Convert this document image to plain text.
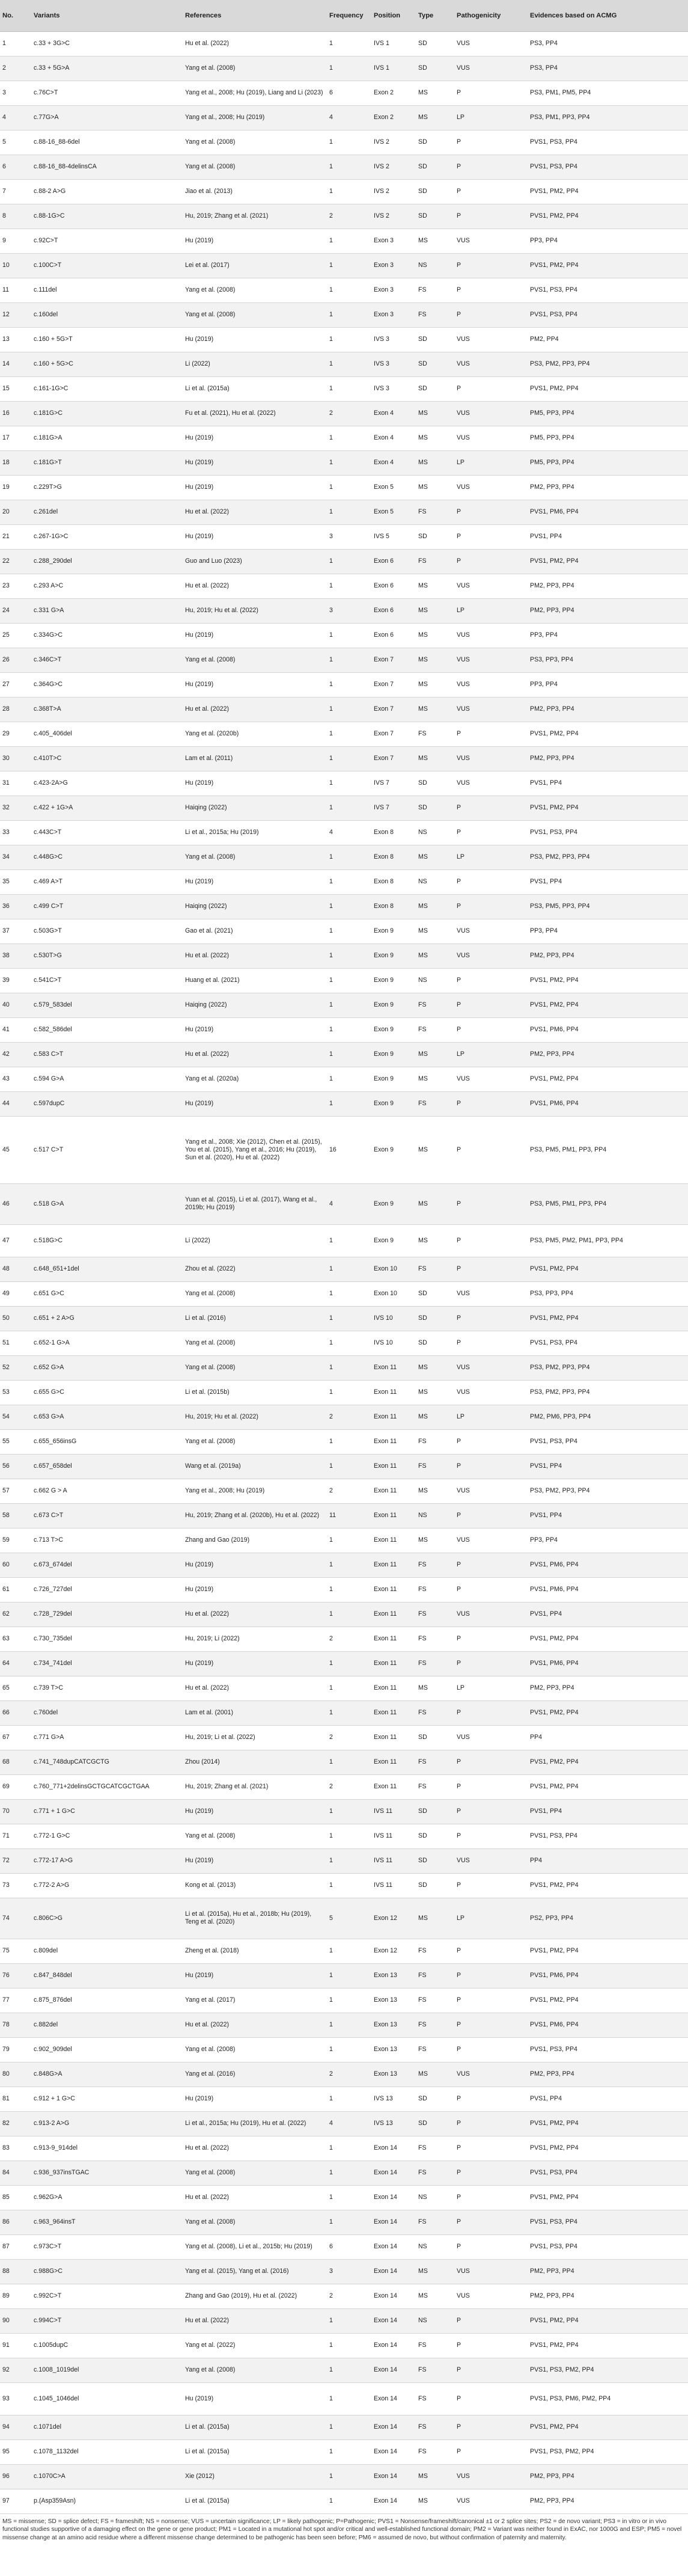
No.	Variants	References	Frequency	Position	Type	Pathogenicity	Evidences based on ACMG
1	c.33 + 3G>C	Hu et al. (2022)	1	IVS 1	SD	VUS	PS3, PP4
2	c.33 + 5G>A	Yang et al. (2008)	1	IVS 1	SD	VUS	PS3, PP4
3	c.76C>T	Yang et al., 2008; Hu (2019), Liang and Li (2023)	6	Exon 2	MS	P	PS3, PM1, PM5, PP4
4	c.77G>A	Yang et al., 2008; Hu (2019)	4	Exon 2	MS	LP	PS3, PM1, PP3, PP4
5	c.88-16_88-6del	Yang et al. (2008)	1	IVS 2	SD	P	PVS1, PS3, PP4
6	c.88-16_88-4delinsCA	Yang et al. (2008)	1	IVS 2	SD	P	PVS1, PS3, PP4
7	c.88-2 A>G	Jiao et al. (2013)	1	IVS 2	SD	P	PVS1, PM2, PP4
8	c.88-1G>C	Hu, 2019; Zhang et al. (2021)	2	IVS 2	SD	P	PVS1, PM2, PP4
9	c.92C>T	Hu (2019)	1	Exon 3	MS	VUS	PP3, PP4
10	c.100C>T	Lei et al. (2017)	1	Exon 3	NS	P	PVS1, PM2, PP4
11	c.111del	Yang et al. (2008)	1	Exon 3	FS	P	PVS1, PS3, PP4
12	c.160del	Yang et al. (2008)	1	Exon 3	FS	P	PVS1, PS3, PP4
13	c.160 + 5G>T	Hu (2019)	1	IVS 3	SD	VUS	PM2, PP4
14	c.160 + 5G>C	Li (2022)	1	IVS 3	SD	VUS	PS3, PM2, PP3, PP4
15	c.161-1G>C	Li et al. (2015a)	1	IVS 3	SD	P	PVS1, PM2, PP4
16	c.181G>C	Fu et al. (2021), Hu et al. (2022)	2	Exon 4	MS	VUS	PM5, PP3, PP4
17	c.181G>A	Hu (2019)	1	Exon 4	MS	VUS	PM5, PP3, PP4
18	c.181G>T	Hu (2019)	1	Exon 4	MS	LP	PM5, PP3, PP4
19	c.229T>G	Hu (2019)	1	Exon 5	MS	VUS	PM2, PP3, PP4
20	c.261del	Hu et al. (2022)	1	Exon 5	FS	P	PVS1, PM6, PP4
21	c.267-1G>C	Hu (2019)	3	IVS 5	SD	P	PVS1, PP4
22	c.288_290del	Guo and Luo (2023)	1	Exon 6	FS	P	PVS1, PM2, PP4
23	c.293 A>C	Hu et al. (2022)	1	Exon 6	MS	VUS	PM2, PP3, PP4
24	c.331 G>A	Hu, 2019; Hu et al. (2022)	3	Exon 6	MS	LP	PM2, PP3, PP4
25	c.334G>C	Hu (2019)	1	Exon 6	MS	VUS	PP3, PP4
26	c.346C>T	Yang et al. (2008)	1	Exon 7	MS	VUS	PS3, PP3, PP4
27	c.364G>C	Hu (2019)	1	Exon 7	MS	VUS	PP3, PP4
28	c.368T>A	Hu et al. (2022)	1	Exon 7	MS	VUS	PM2, PP3, PP4
29	c.405_406del	Yang et al. (2020b)	1	Exon 7	FS	P	PVS1, PM2, PP4
30	c.410T>C	Lam et al. (2011)	1	Exon 7	MS	VUS	PM2, PP3, PP4
31	c.423-2A>G	Hu (2019)	1	IVS 7	SD	VUS	PVS1, PP4
32	c.422 + 1G>A	Haiqing (2022)	1	IVS 7	SD	P	PVS1, PM2, PP4
33	c.443C>T	Li et al., 2015a; Hu (2019)	4	Exon 8	NS	P	PVS1, PS3, PP4
34	c.448G>C	Yang et al. (2008)	1	Exon 8	MS	LP	PS3, PM2, PP3, PP4
35	c.469 A>T	Hu (2019)	1	Exon 8	NS	P	PVS1, PP4
36	c.499 C>T	Haiqing (2022)	1	Exon 8	MS	P	PS3, PM5, PP3, PP4
37	c.503G>T	Gao et al. (2021)	1	Exon 9	MS	VUS	PP3, PP4
38	c.530T>G	Hu et al. (2022)	1	Exon 9	MS	VUS	PM2, PP3, PP4
39	c.541C>T	Huang et al. (2021)	1	Exon 9	NS	P	PVS1, PM2, PP4
40	c.579_583del	Haiqing (2022)	1	Exon 9	FS	P	PVS1, PM2, PP4
41	c.582_586del	Hu (2019)	1	Exon 9	FS	P	PVS1, PM6, PP4
42	c.583 C>T	Hu et al. (2022)	1	Exon 9	MS	LP	PM2, PP3, PP4
43	c.594 G>A	Yang et al. (2020a)	1	Exon 9	MS	VUS	PVS1, PM2, PP4
44	c.597dupC	Hu (2019)	1	Exon 9	FS	P	PVS1, PM6, PP4
45	c.517 C>T	Yang et al., 2008; Xie (2012), Chen et al. (2015), You et al. (2015), Yang et al., 2016; Hu (2019), Sun et al. (2020), Hu et al. (2022)	16	Exon 9	MS	P	PS3, PM5, PM1, PP3, PP4
46	c.518 G>A	Yuan et al. (2015), Li et al. (2017), Wang et al., 2019b; Hu (2019)	4	Exon 9	MS	P	PS3, PM5, PM1, PP3, PP4
47	c.518G>C	Li (2022)	1	Exon 9	MS	P	PS3, PM5, PM2, PM1, PP3, PP4
48	c.648_651+1del	Zhou et al. (2022)	1	Exon 10	FS	P	PVS1, PM2, PP4
49	c.651 G>C	Yang et al. (2008)	1	Exon 10	SD	VUS	PS3, PP3, PP4
50	c.651 + 2 A>G	Li et al. (2016)	1	IVS 10	SD	P	PVS1, PM2, PP4
51	c.652-1 G>A	Yang et al. (2008)	1	IVS 10	SD	P	PVS1, PS3, PP4
52	c.652 G>A	Yang et al. (2008)	1	Exon 11	MS	VUS	PS3, PM2, PP3, PP4
53	c.655 G>C	Li et al. (2015b)	1	Exon 11	MS	VUS	PS3, PM2, PP3, PP4
54	c.653 G>A	Hu, 2019; Hu et al. (2022)	2	Exon 11	MS	LP	PM2, PM6, PP3, PP4
55	c.655_656insG	Yang et al. (2008)	1	Exon 11	FS	P	PVS1, PS3, PP4
56	c.657_658del	Wang et al. (2019a)	1	Exon 11	FS	P	PVS1, PP4
57	c.662 G > A	Yang et al., 2008; Hu (2019)	2	Exon 11	MS	VUS	PS3, PM2, PP3, PP4
58	c.673 C>T	Hu, 2019; Zhang et al. (2020b), Hu et al. (2022)	11	Exon 11	NS	P	PVS1, PP4
59	c.713 T>C	Zhang and Gao (2019)	1	Exon 11	MS	VUS	PP3, PP4
60	c.673_674del	Hu (2019)	1	Exon 11	FS	P	PVS1, PM6, PP4
61	c.726_727del	Hu (2019)	1	Exon 11	FS	P	PVS1, PM6, PP4
62	c.728_729del	Hu et al. (2022)	1	Exon 11	FS	VUS	PVS1, PP4
63	c.730_735del	Hu, 2019; Li (2022)	2	Exon 11	FS	P	PVS1, PM2, PP4
64	c.734_741del	Hu (2019)	1	Exon 11	FS	P	PVS1, PM6, PP4
65	c.739 T>C	Hu et al. (2022)	1	Exon 11	MS	LP	PM2, PP3, PP4
66	c.760del	Lam et al. (2001)	1	Exon 11	FS	P	PVS1, PM2, PP4
67	c.771 G>A	Hu, 2019; Li et al. (2022)	2	Exon 11	SD	VUS	PP4
68	c.741_748dupCATCGCTG	Zhou (2014)	1	Exon 11	FS	P	PVS1, PM2, PP4
69	c.760_771+2delinsGCTGCATCGCTGAA	Hu, 2019; Zhang et al. (2021)	2	Exon 11	FS	P	PVS1, PM2, PP4
70	c.771 + 1 G>C	Hu (2019)	1	IVS 11	SD	P	PVS1, PP4
71	c.772-1 G>C	Yang et al. (2008)	1	IVS 11	SD	P	PVS1, PS3, PP4
72	c.772-17 A>G	Hu (2019)	1	IVS 11	SD	VUS	PP4
73	c.772-2 A>G	Kong et al. (2013)	1	IVS 11	SD	P	PVS1, PM2, PP4
74	c.806C>G	Li et al. (2015a), Hu et al., 2018b; Hu (2019), Teng et al. (2020)	5	Exon 12	MS	LP	PS2, PP3, PP4
75	c.809del	Zheng et al. (2018)	1	Exon 12	FS	P	PVS1, PM2, PP4
76	c.847_848del	Hu (2019)	1	Exon 13	FS	P	PVS1, PM6, PP4
77	c.875_876del	Yang et al. (2017)	1	Exon 13	FS	P	PVS1, PM2, PP4
78	c.882del	Hu et al. (2022)	1	Exon 13	FS	P	PVS1, PM6, PP4
79	c.902_909del	Yang et al. (2008)	1	Exon 13	FS	P	PVS1, PS3, PP4
80	c.848G>A	Yang et al. (2016)	2	Exon 13	MS	VUS	PM2, PP3, PP4
81	c.912 + 1 G>C	Hu (2019)	1	IVS 13	SD	P	PVS1, PP4
82	c.913-2 A>G	Li et al., 2015a; Hu (2019), Hu et al. (2022)	4	IVS 13	SD	P	PVS1, PM2, PP4
83	c.913-9_914del	Hu et al. (2022)	1	Exon 14	FS	P	PVS1, PM2, PP4
84	c.936_937insTGAC	Yang et al. (2008)	1	Exon 14	FS	P	PVS1, PS3, PP4
85	c.962G>A	Hu et al. (2022)	1	Exon 14	NS	P	PVS1, PM2, PP4
86	c.963_964insT	Yang et al. (2008)	1	Exon 14	FS	P	PVS1, PS3, PP4
87	c.973C>T	Yang et al. (2008), Li et al., 2015b; Hu (2019)	6	Exon 14	NS	P	PVS1, PS3, PP4
88	c.988G>C	Yang et al. (2015), Yang et al. (2016)	3	Exon 14	MS	VUS	PM2, PP3, PP4
89	c.992C>T	Zhang and Gao (2019), Hu et al. (2022)	2	Exon 14	MS	VUS	PM2, PP3, PP4
90	c.994C>T	Hu et al. (2022)	1	Exon 14	NS	P	PVS1, PM2, PP4
91	c.1005dupC	Yang et al. (2022)	1	Exon 14	FS	P	PVS1, PM2, PP4
92	c.1008_1019del	Yang et al. (2008)	1	Exon 14	FS	P	PVS1, PS3, PM2, PP4
93	c.1045_1046del	Hu (2019)	1	Exon 14	FS	P	PVS1, PS3, PM6, PM2, PP4
94	c.1071del	Li et al. (2015a)	1	Exon 14	FS	P	PVS1, PM2, PP4
95	c.1078_1132del	Li et al. (2015a)	1	Exon 14	FS	P	PVS1, PS3, PM2, PP4
96	c.1070C>A	Xie (2012)	1	Exon 14	MS	VUS	PM2, PP3, PP4
97	p.(Asp359Asn)	Li et al. (2015a)	1	Exon 14	MS	VUS	PM2, PP3, PP4
MS = missense; SD = splice defect; FS = frameshift; NS = nonsense; VUS = uncertain significance; LP = likely pathogenic; P=Pathogenic; PVS1 = Nonsense/frameshift/canonical ±1 or 2 splice sites; PS2 = de novo variant; PS3 = in vitro or in vivo functional studies supportive of a damaging effect on the gene or gene product; PM1 = Located in a mutational hot spot and/or critical and well-established functional domain; PM2 = Variant was neither found in ExAC, nor 1000G and ESP; PM5 = novel missense change at an amino acid residue where a different missense change determined to be pathogenic has been seen before; PM6 = assumed de novo, but without confirmation of paternity and maternity.
